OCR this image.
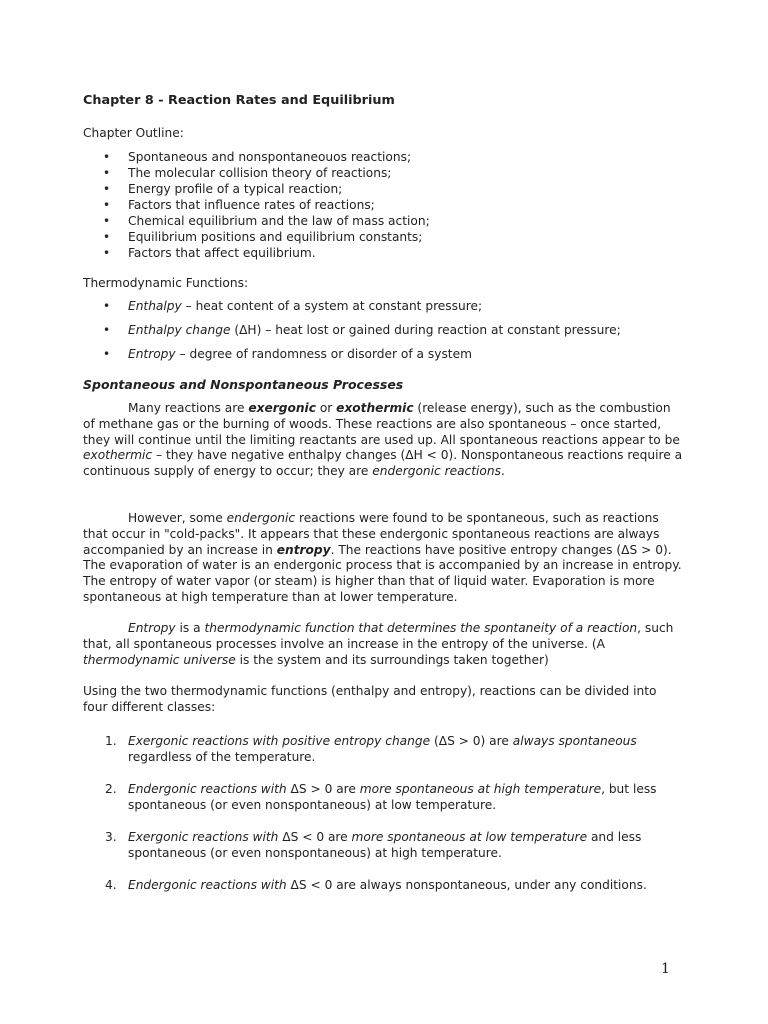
Chapter 8 - Reaction Rates and Equilibrium
Chapter Outline:
• Spontaneous and nonspontaneouos reactions;
• The molecular collision theory of reactions;
• Energy profile of a typical reaction;
• Factors that influence rates of reactions;
• Chemical equilibrium and the law of mass action;
• Equilibrium positions and equilibrium constants;
• Factors that affect equilibrium.
Thermodynamic Functions:
• Enthalpy – heat content of a system at constant pressure;
• Enthalpy change (ΔH) – heat lost or gained during reaction at constant pressure;
• Entropy – degree of randomness or disorder of a system
Spontaneous and Nonspontaneous Processes
Many reactions are exergonic or exothermic (release energy), such as the combustion of methane gas or the burning of woods. These reactions are also spontaneous – once started, they will continue until the limiting reactants are used up. All spontaneous reactions appear to be exothermic – they have negative enthalpy changes (ΔH < 0). Nonspontaneous reactions require a continuous supply of energy to occur; they are endergonic reactions.
However, some endergonic reactions were found to be spontaneous, such as reactions that occur in "cold-packs". It appears that these endergonic spontaneous reactions are always accompanied by an increase in entropy. The reactions have positive entropy changes (ΔS > 0). The evaporation of water is an endergonic process that is accompanied by an increase in entropy. The entropy of water vapor (or steam) is higher than that of liquid water. Evaporation is more spontaneous at high temperature than at lower temperature.
Entropy is a thermodynamic function that determines the spontaneity of a reaction, such that, all spontaneous processes involve an increase in the entropy of the universe. (A thermodynamic universe is the system and its surroundings taken together)
Using the two thermodynamic functions (enthalpy and entropy), reactions can be divided into four different classes:
1. Exergonic reactions with positive entropy change (ΔS > 0) are always spontaneous regardless of the temperature.
2. Endergonic reactions with ΔS > 0 are more spontaneous at high temperature, but less spontaneous (or even nonspontaneous) at low temperature.
3. Exergonic reactions with ΔS < 0 are more spontaneous at low temperature and less spontaneous (or even nonspontaneous) at high temperature.
4. Endergonic reactions with ΔS < 0 are always nonspontaneous, under any conditions.
1
